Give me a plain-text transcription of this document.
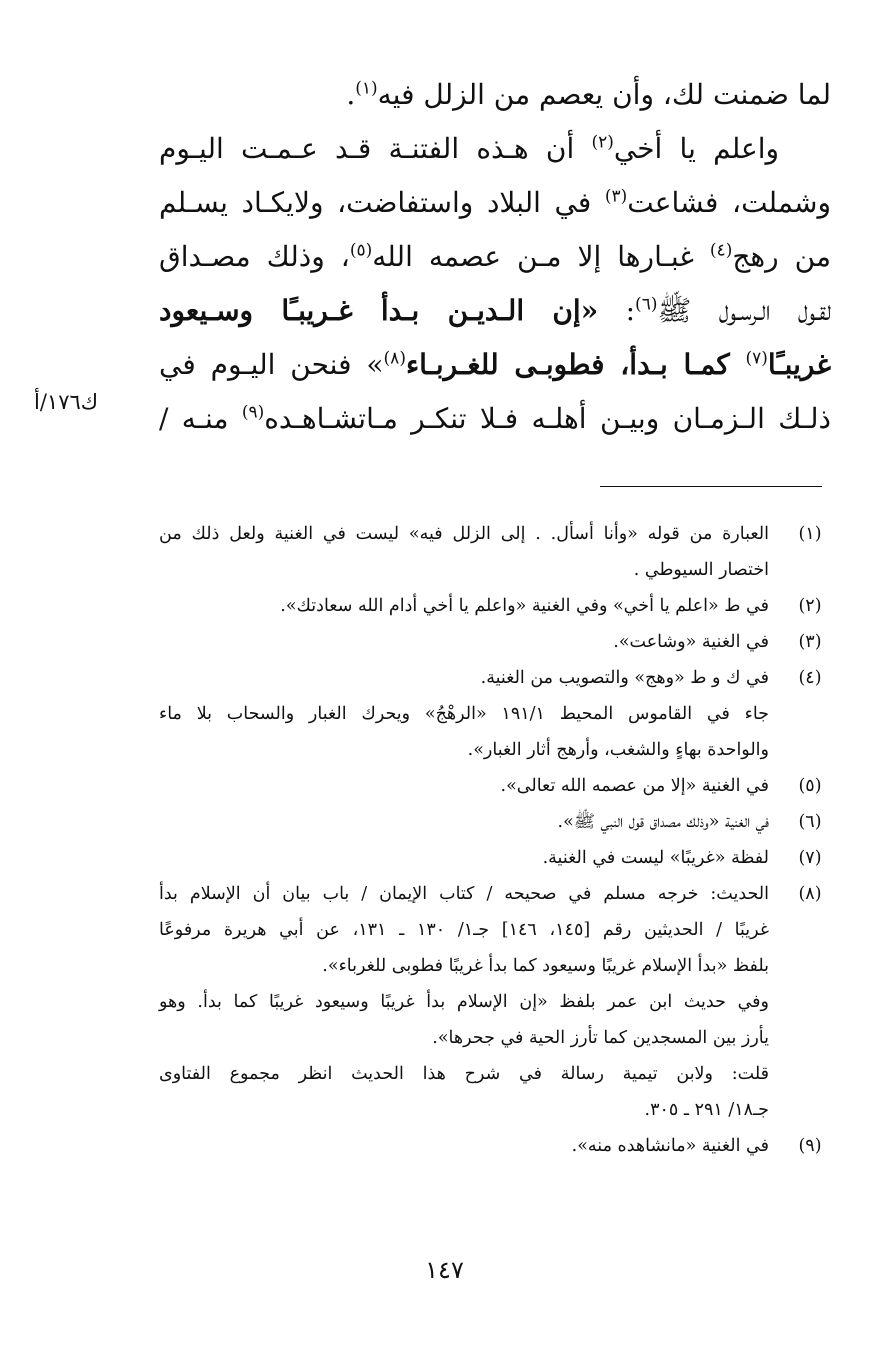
لما ضمنت لك، وأن يعصم من الزلل فيه$^{(١)}$.
واعلم يا أخي$^{(٢)}$ أن هـذه الفتنـة قـد عـمـت اليـوم
وشملت، فشاعت$^{(٣)}$ في البلاد واستفاضت، ولايكـاد يسـلم
من رهج$^{(٤)}$ غبـارها إلا مـن عصمه الله$^{(٥)}$، وذلك مصـداق
لقـول الـرسـول ﷺ$^{(٦)}$: «إن الـديـن بـدأ غـريبـًا وسـيعود
غريبـًا$^{(٧)}$ كمـا بـدأ، فطوبـى للغـربـاء$^{(٨)}$» فنحن اليـوم في
ذلـك الـزمـان وبيـن أهلـه فـلا تنكـر مـاتشـاهـده$^{(٩)}$ منـه /
ك١٧٦/أ
(١)
العبارة من قوله «وأنا أسأل. . إلى الزلل فيه» ليست في الغنية ولعل ذلك من
اختصار السيوطي .
(٢)
في ط «اعلم يا أخي» وفي الغنية «واعلم يا أخي أدام الله سعادتك».
(٣)
في الغنية «وشاعت».
(٤)
في ك و ط «وهج» والتصويب من الغنية.
جاء في القاموس المحيط ١٩١/١ «الرهْجُ» ويحرك الغبار والسحاب بلا ماء
والواحدة بهاءٍ والشغب، وأرهج أثار الغبار».
(٥)
في الغنية «إلا من عصمه الله تعالى».
(٦)
في الغنية «وذلك مصداق قول النبي ﷺ».
(٧)
لفظة «غريبًا» ليست في الغنية.
(٨)
الحديث: خرجه مسلم في صحيحه / كتاب الإيمان / باب بيان أن الإسلام بدأ
غريبًا / الحديثين رقم [١٤٥، ١٤٦] جـ١/ ١٣٠ ـ ١٣١، عن أبي هريرة مرفوعًا
بلفظ «بدأ الإسلام غريبًا وسيعود كما بدأ غريبًا فطوبى للغرباء».
وفي حديث ابن عمر بلفظ «إن الإسلام بدأ غريبًا وسيعود غريبًا كما بدأ. وهو
يأرز بين المسجدين كما تأرز الحية في جحرها».
قلت: ولابن تيمية رسالة في شرح هذا الحديث انظر مجموع الفتاوى
جـ١٨/ ٢٩١ ـ ٣٠٥.
(٩)
في الغنية «مانشاهده منه».
١٤٧
